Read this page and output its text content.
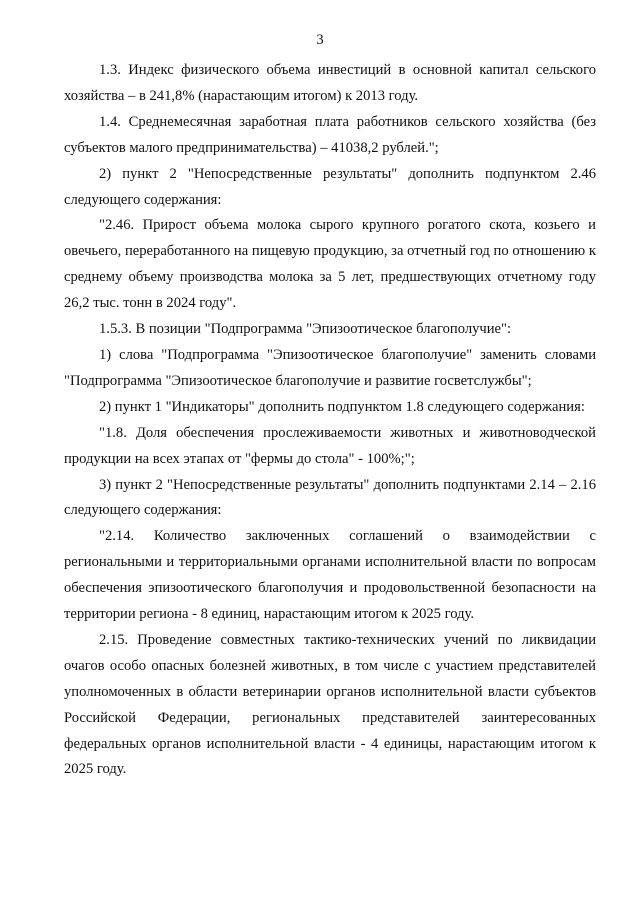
3

1.3. Индекс физического объема инвестиций в основной капитал сельского хозяйства – в 241,8% (нарастающим итогом) к 2013 году.

1.4. Среднемесячная заработная плата работников сельского хозяйства (без субъектов малого предпринимательства) – 41038,2 рублей.";

2) пункт 2 "Непосредственные результаты" дополнить подпунктом 2.46 следующего содержания:

"2.46. Прирост объема молока сырого крупного рогатого скота, козьего и овечьего, переработанного на пищевую продукцию, за отчетный год по отношению к среднему объему производства молока за 5 лет, предшествующих отчетному году 26,2 тыс. тонн в 2024 году".

1.5.3. В позиции "Подпрограмма "Эпизоотическое благополучие":

1) слова "Подпрограмма "Эпизоотическое благополучие" заменить словами "Подпрограмма "Эпизоотическое благополучие и развитие госветслужбы";

2) пункт 1 "Индикаторы" дополнить подпунктом 1.8 следующего содержания:

"1.8. Доля обеспечения прослеживаемости животных и животноводческой продукции на всех этапах от "фермы до стола" - 100%;";

3) пункт 2 "Непосредственные результаты" дополнить подпунктами 2.14 – 2.16 следующего содержания:

"2.14. Количество заключенных соглашений о взаимодействии с региональными и территориальными органами исполнительной власти по вопросам обеспечения эпизоотического благополучия и продовольственной безопасности на территории региона - 8 единиц, нарастающим итогом к 2025 году.

2.15. Проведение совместных тактико-технических учений по ликвидации очагов особо опасных болезней животных, в том числе с участием представителей уполномоченных в области ветеринарии органов исполнительной власти субъектов Российской Федерации, региональных представителей заинтересованных федеральных органов исполнительной власти - 4 единицы, нарастающим итогом к 2025 году.
